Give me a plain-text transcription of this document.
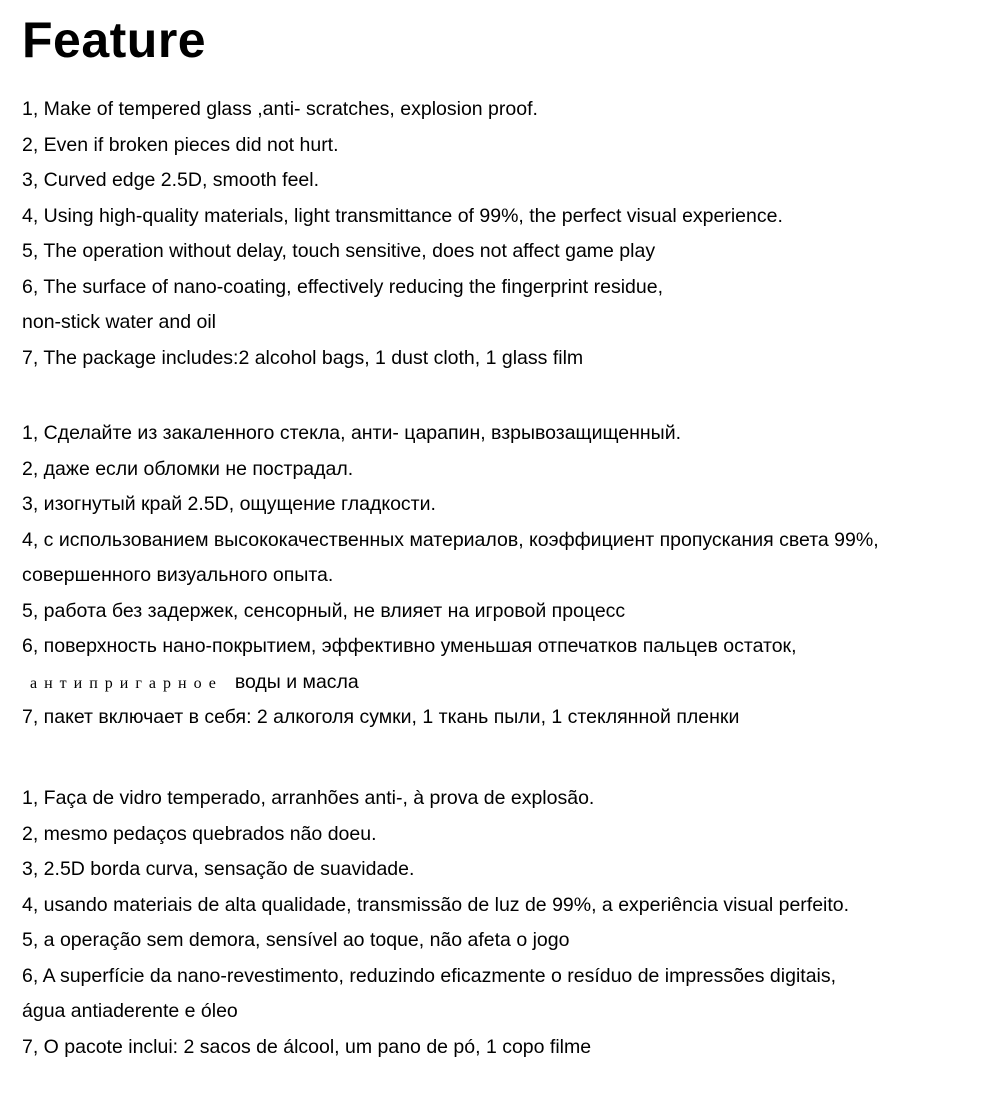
Feature
1, Make of tempered glass ,anti- scratches, explosion proof.
2, Even if broken pieces did not hurt.
3, Curved edge 2.5D, smooth feel.
4, Using high-quality materials, light transmittance of 99%, the perfect visual experience.
5, The operation without delay, touch sensitive, does not affect game play
6, The surface of nano-coating, effectively reducing the fingerprint residue,
non-stick water and oil
7, The package includes:2 alcohol bags, 1 dust cloth, 1 glass film
1, Сделайте из закаленного стекла, анти- царапин, взрывозащищенный.
2, даже если обломки не пострадал.
3, изогнутый край 2.5D, ощущение гладкости.
4, с использованием высококачественных материалов, коэффициент пропускания света 99%,
совершенного визуального опыта.
5, работа без задержек, сенсорный, не влияет на игровой процесс
6, поверхность нано-покрытием, эффективно уменьшая отпечатков пальцев остаток,
антипригарное воды и масла
7, пакет включает в себя: 2 алкоголя сумки, 1 ткань пыли, 1 стеклянной пленки
1, Faça de vidro temperado, arranhões anti-, à prova de explosão.
2, mesmo pedaços quebrados não doeu.
3, 2.5D borda curva, sensação de suavidade.
4, usando materiais de alta qualidade, transmissão de luz de 99%, a experiência visual perfeito.
5, a operação sem demora, sensível ao toque, não afeta o jogo
6, A superfície da nano-revestimento, reduzindo eficazmente o resíduo de impressões digitais,
água antiaderente e óleo
7, O pacote inclui: 2 sacos de álcool, um pano de pó, 1 copo filme
